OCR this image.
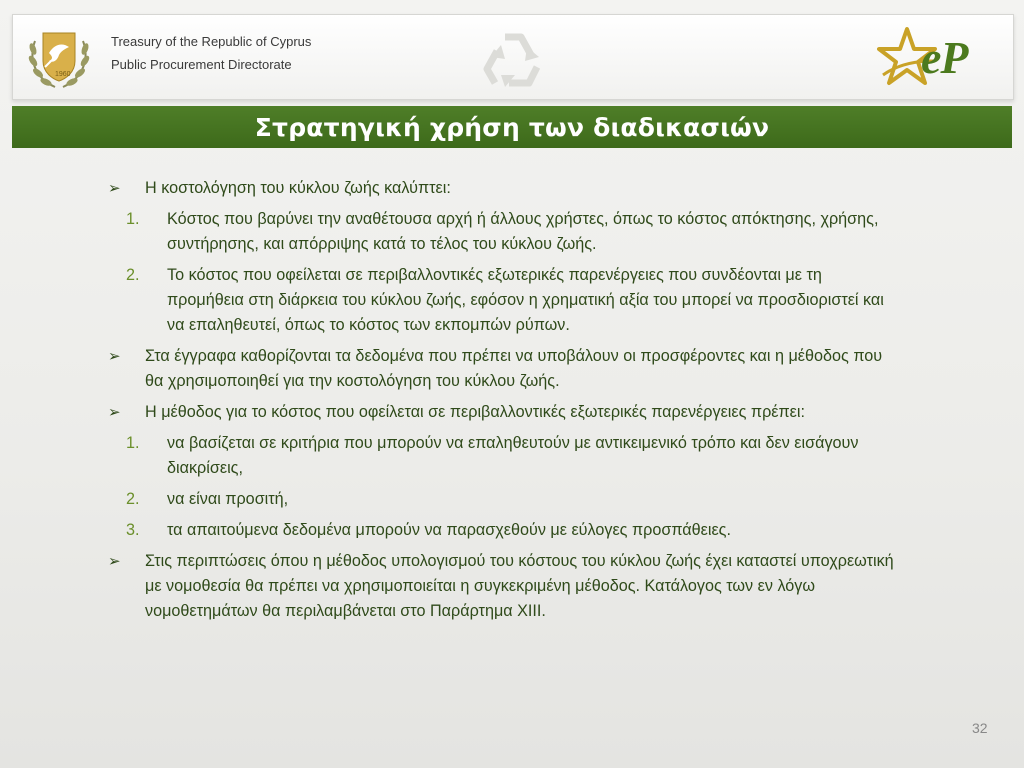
1960
Treasury of the Republic of Cyprus
Public Procurement Directorate	eP
Στρατηγική χρήση των διαδικασιών
➢ Η κοστολόγηση του κύκλου ζωής καλύπτει:
1. Κόστος που βαρύνει την αναθέτουσα αρχή ή άλλους χρήστες, όπως το κόστος απόκτησης, χρήσης, συντήρησης, και απόρριψης κατά το τέλος του κύκλου ζωής.
2. Το κόστος που οφείλεται σε περιβαλλοντικές εξωτερικές παρενέργειες που συνδέονται με τη προμήθεια στη διάρκεια του κύκλου ζωής, εφόσον η χρηματική αξία του μπορεί να προσδιοριστεί και να επαληθευτεί, όπως το κόστος των εκπομπών ρύπων.
➢ Στα έγγραφα καθορίζονται τα δεδομένα που πρέπει να υποβάλουν οι προσφέροντες και η μέθοδος που θα χρησιμοποιηθεί για την κοστολόγηση του κύκλου ζωής.
➢ Η μέθοδος για το κόστος που οφείλεται σε περιβαλλοντικές εξωτερικές παρενέργειες πρέπει:
1. να βασίζεται σε κριτήρια που μπορούν να επαληθευτούν με αντικειμενικό τρόπο και δεν εισάγουν διακρίσεις,
2. να είναι προσιτή,
3. τα απαιτούμενα δεδομένα μπορούν να παρασχεθούν με εύλογες προσπάθειες.
➢ Στις περιπτώσεις όπου η μέθοδος υπολογισμού του κόστους του κύκλου ζωής έχει καταστεί υποχρεωτική με νομοθεσία θα πρέπει να χρησιμοποιείται η συγκεκριμένη μέθοδος. Κατάλογος των εν λόγω νομοθετημάτων θα περιλαμβάνεται στο Παράρτημα XIII.
32
